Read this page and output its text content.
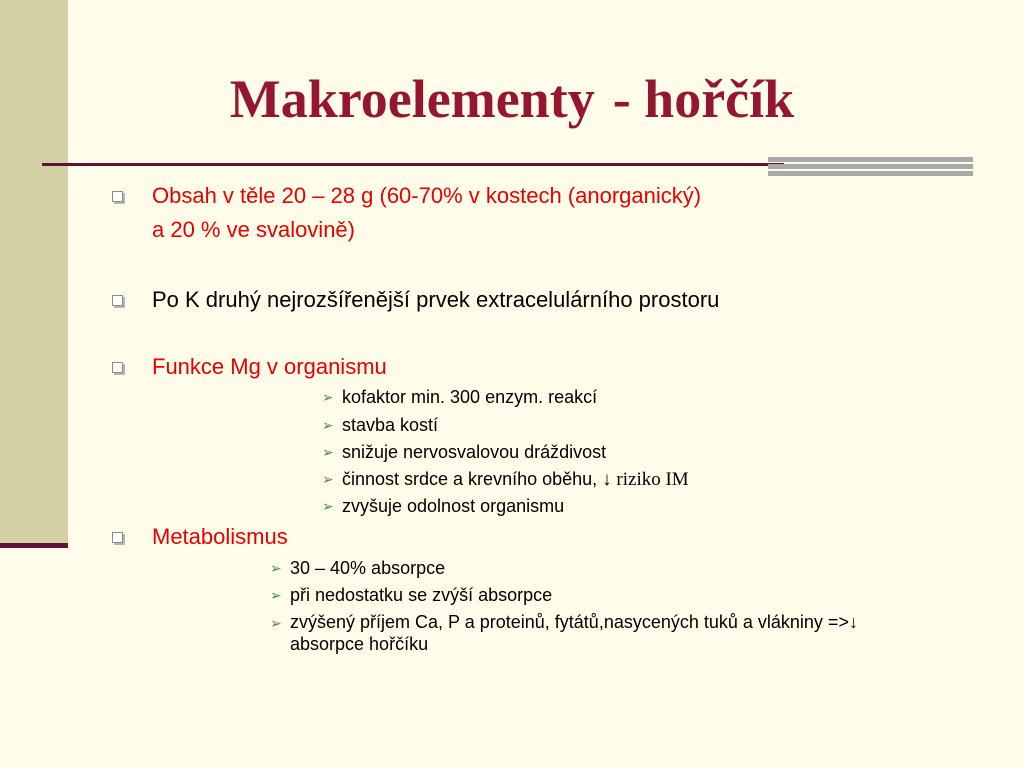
Makroelementy - hořčík
Obsah v těle 20 – 28 g (60-70% v kostech (anorganický)
a 20 % ve svalovině)
Po K druhý nejrozšířenější prvek extracelulárního prostoru
Funkce Mg v organismu
➢ kofaktor min. 300 enzym. reakcí
➢ stavba kostí
➢ snižuje nervosvalovou dráždivost
➢ činnost srdce a krevního oběhu, ↓ riziko IM
➢ zvyšuje odolnost organismu
Metabolismus
➢ 30 – 40% absorpce
➢ při nedostatku se zvýší absorpce
➢ zvýšený příjem Ca, P a proteinů, fytátů,nasycených tuků a vlákniny =>↓ absorpce hořčíku
